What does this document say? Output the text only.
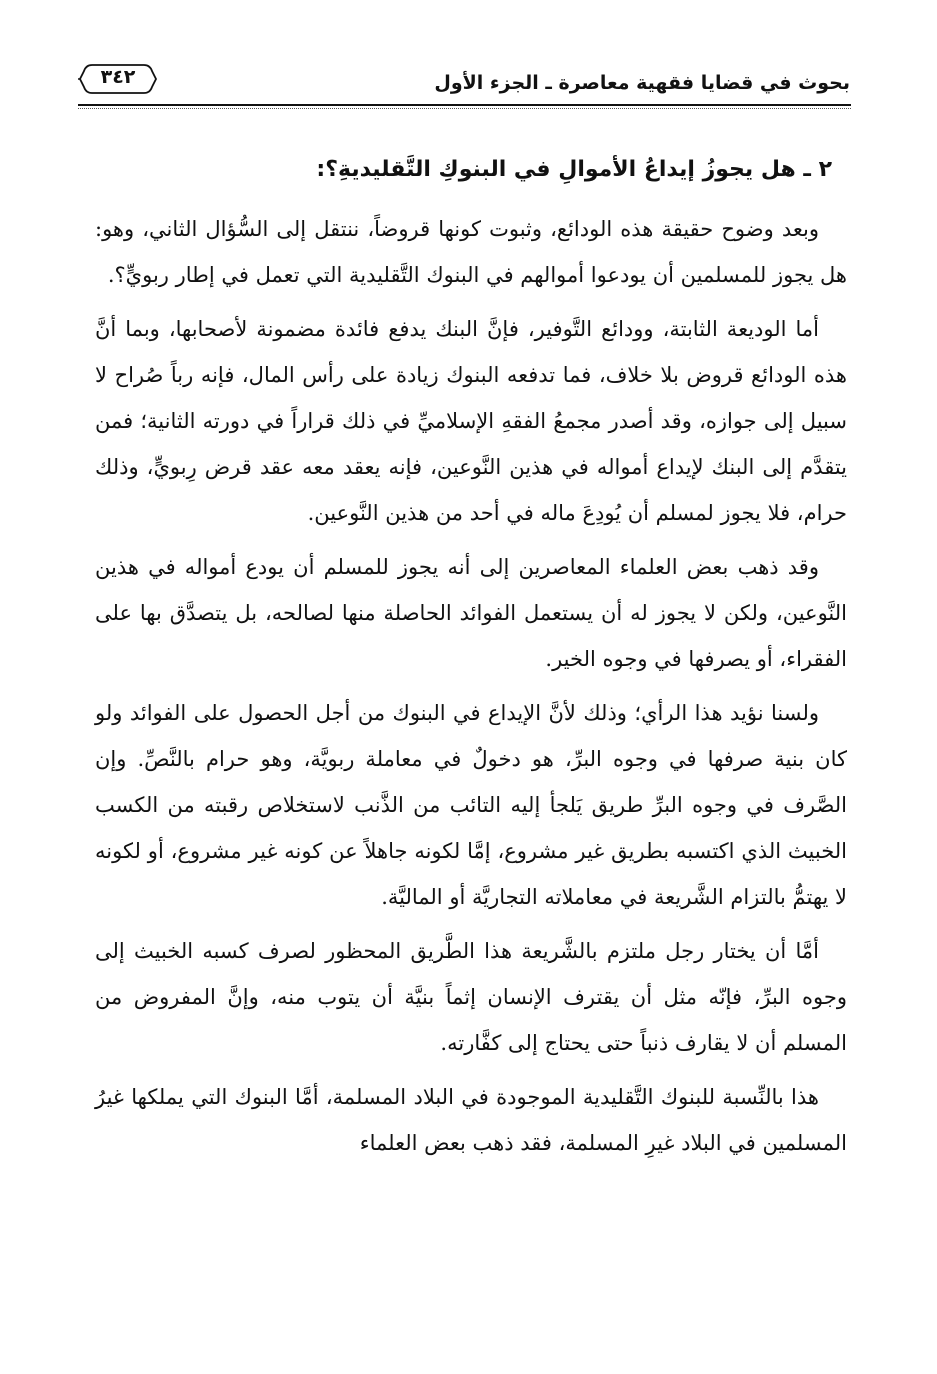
بحوث في قضايا فقهية معاصرة ـ الجزء الأول
٣٤٢
٢ ـ هل يجوزُ إيداعُ الأموالِ في البنوكِ التَّقليديةِ؟:

وبعد وضوح حقيقة هذه الودائع، وثبوت كونها قروضاً، ننتقل إلى السُّؤال الثاني، وهو: هل يجوز للمسلمين أن يودعوا أموالهم في البنوك التَّقليدية التي تعمل في إطار ربويٍّ؟.

أما الوديعة الثابتة، وودائع التَّوفير، فإنَّ البنك يدفع فائدة مضمونة لأصحابها، وبما أنَّ هذه الودائع قروض بلا خلاف، فما تدفعه البنوك زيادة على رأس المال، فإنه رباً صُراح لا سبيل إلى جوازه، وقد أصدر مجمعُ الفقهِ الإسلاميِّ في ذلك قراراً في دورته الثانية؛ فمن يتقدَّم إلى البنك لإيداع أمواله في هذين النَّوعين، فإنه يعقد معه عقد قرض رِبويٍّ، وذلك حرام، فلا يجوز لمسلم أن يُودِعَ ماله في أحد من هذين النَّوعين.

وقد ذهب بعض العلماء المعاصرين إلى أنه يجوز للمسلم أن يودع أمواله في هذين النَّوعين، ولكن لا يجوز له أن يستعمل الفوائد الحاصلة منها لصالحه، بل يتصدَّق بها على الفقراء، أو يصرفها في وجوه الخير.

ولسنا نؤيد هذا الرأي؛ وذلك لأنَّ الإيداع في البنوك من أجل الحصول على الفوائد ولو كان بنية صرفها في وجوه البرِّ، هو دخولٌ في معاملة ربويَّة، وهو حرام بالنَّصِّ. وإن الصَّرف في وجوه البرِّ طريق يَلجأ إليه التائب من الذَّنب لاستخلاص رقبته من الكسب الخبيث الذي اكتسبه بطريق غير مشروع، إمَّا لكونه جاهلاً عن كونه غير مشروع، أو لكونه لا يهتمُّ بالتزام الشَّريعة في معاملاته التجاريَّة أو الماليَّة.

أمَّا أن يختار رجل ملتزم بالشَّريعة هذا الطَّريق المحظور لصرف كسبه الخبيث إلى وجوه البرِّ، فإنّه مثل أن يقترف الإنسان إثماً بنيَّة أن يتوب منه، وإنَّ المفروض من المسلم أن لا يقارف ذنباً حتى يحتاج إلى كفَّارته.

هذا بالنِّسبة للبنوك التَّقليدية الموجودة في البلاد المسلمة، أمَّا البنوك التي يملكها غيرُ المسلمين في البلاد غيرِ المسلمة، فقد ذهب بعض العلماء
